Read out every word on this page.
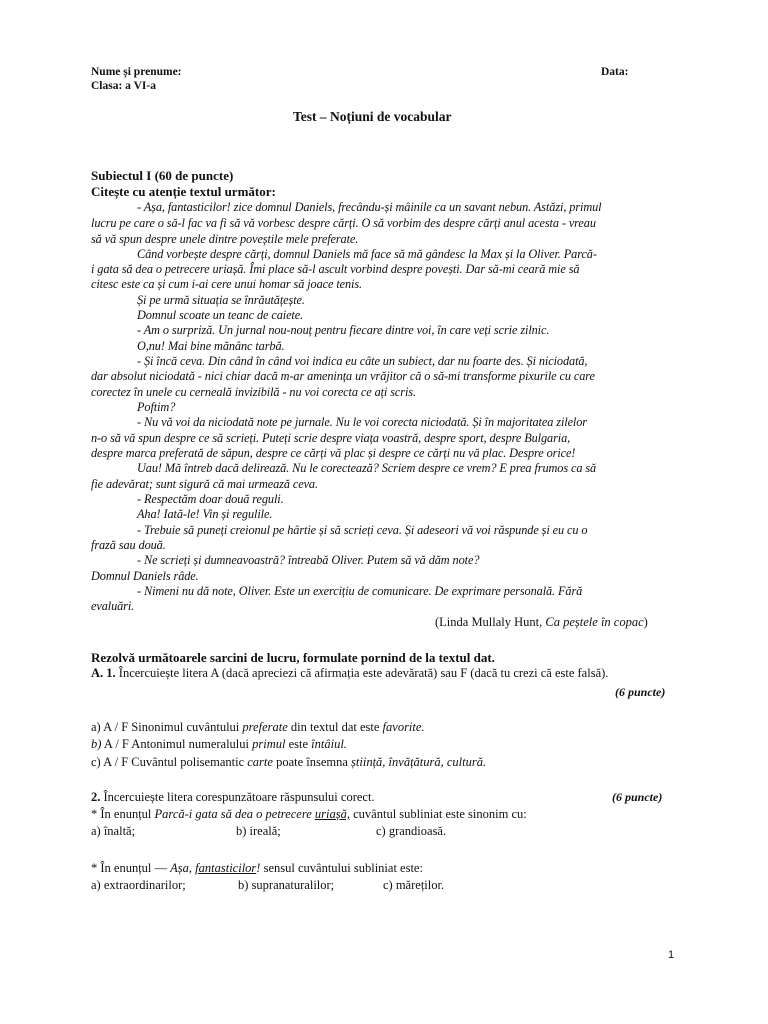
Nume și prenume:	Data:
Clasa: a VI-a
Test – Noțiuni de vocabular
Subiectul I (60 de puncte)
Citește cu atenție textul următor:
- Așa, fantasticilor! zice domnul Daniels, frecându-și mâinile ca un savant nebun. Astăzi, primul
lucru pe care o să-l fac va fi să vă vorbesc despre cărți. O să vorbim des despre cărți anul acesta - vreau
să vă spun despre unele dintre poveștile mele preferate.
Când vorbește despre cărți, domnul Daniels mă face să mă gândesc la Max și la Oliver. Parcă-
i gata să dea o petrecere uriașă. Îmi place să-l ascult vorbind despre povești. Dar să-mi ceară mie să
citesc este ca și cum i-ai cere unui homar să joace tenis.
Și pe urmă situația se înrăutățește.
Domnul scoate un teanc de caiete.
- Am o surpriză. Un jurnal nou-nouț pentru fiecare dintre voi, în care veți scrie zilnic.
O,nu! Mai bine mănânc tarbă.
- Și încă ceva. Din când în când voi indica eu câte un subiect, dar nu foarte des. Și niciodată,
dar absolut niciodată - nici chiar dacă m-ar amenința un vrăjitor că o să-mi transforme pixurile cu care
corectez în unele cu cerneală invizibilă - nu voi corecta ce ați scris.
Poftim?
- Nu vă voi da niciodată note pe jurnale. Nu le voi corecta niciodată. Și în majoritatea zilelor
n-o să vă spun despre ce să scrieți. Puteți scrie despre viața voastră, despre sport, despre Bulgaria,
despre marca preferată de săpun, despre ce cărți vă plac și despre ce cărți nu vă plac. Despre orice!
Uau! Mă întreb dacă delirează. Nu le corectează? Scriem despre ce vrem? E prea frumos ca să
fie adevărat; sunt sigură că mai urmează ceva.
- Respectăm doar două reguli.
Aha! Iată-le! Vin și regulile.
- Trebuie să puneți creionul pe hârtie și să scrieți ceva. Și adeseori vă voi răspunde și eu cu o
frază sau două.
- Ne scrieți și dumneavoastră? întreabă Oliver. Putem să vă dăm note?
Domnul Daniels râde.
- Nimeni nu dă note, Oliver. Este un exercițiu de comunicare. De exprimare personală. Fără
evaluări.
(Linda Mullaly Hunt, Ca peștele în copac)
Rezolvă următoarele sarcini de lucru, formulate pornind de la textul dat.
A. 1. Încercuiește litera A (dacă apreciezi că afirmația este adevărată) sau F (dacă tu crezi că este falsă).
(6 puncte)
a) A / F Sinonimul cuvântului preferate din textul dat este favorite.
b) A / F Antonimul numeralului primul este întâiul.
c) A / F Cuvântul polisemantic carte poate însemna știință, învățătură, cultură.
2. Încercuiește litera corespunzătoare răspunsului corect.	(6 puncte)
* În enunțul Parcă-i gata să dea o petrecere uriașă, cuvântul subliniat este sinonim cu:
a) înaltă;	b) ireală;	c) grandioasă.
* În enunțul — Așa, fantasticilor! sensul cuvântului subliniat este:
a) extraordinarilor;	b) supranaturalilor;	c) măreților.
1
